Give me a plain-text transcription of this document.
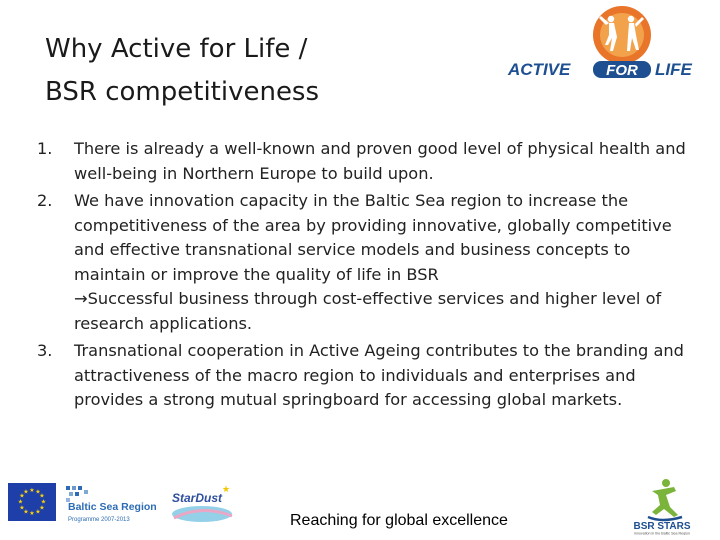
Why Active for Life /
BSR competitiveness
ACTIVE FOR LIFE
1.	There is already a well-known and proven good level of physical health and well-being in Northern Europe to build upon.
2.	We have innovation capacity in the Baltic Sea region to increase the competitiveness of the area by providing innovative, globally competitive and effective transnational service models and business concepts to maintain or improve the quality of life in BSR
→Successful business through cost-effective services and higher level of research applications.
3.	Transnational cooperation in Active Ageing contributes to the branding and attractiveness of the macro region to individuals and enterprises and provides a strong mutual springboard for accessing global markets.
★ ★
★
★
★
★
★
★
★
★
★
★
Baltic Sea Region
Programme 2007-2013
StarDust
★
Reaching for global excellence	BSR STARS
innovation in the Baltic Sea Region
